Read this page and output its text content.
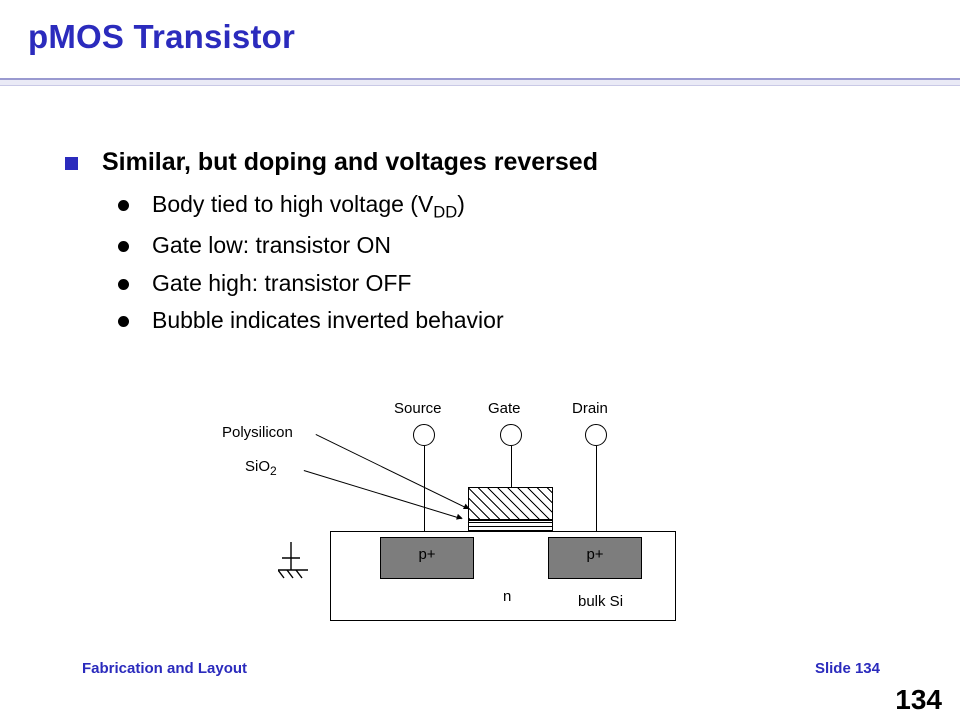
pMOS Transistor
Similar, but doping and voltages reversed
Body tied to high voltage $(V_{DD})$
Gate low: transistor ON
Gate high: transistor OFF
Bubble indicates inverted behavior
Source	Gate	Drain
p+	p+
n	bulk Si
Polysilicon
SiO$_2$
Fabrication and Layout	Slide 134
134
